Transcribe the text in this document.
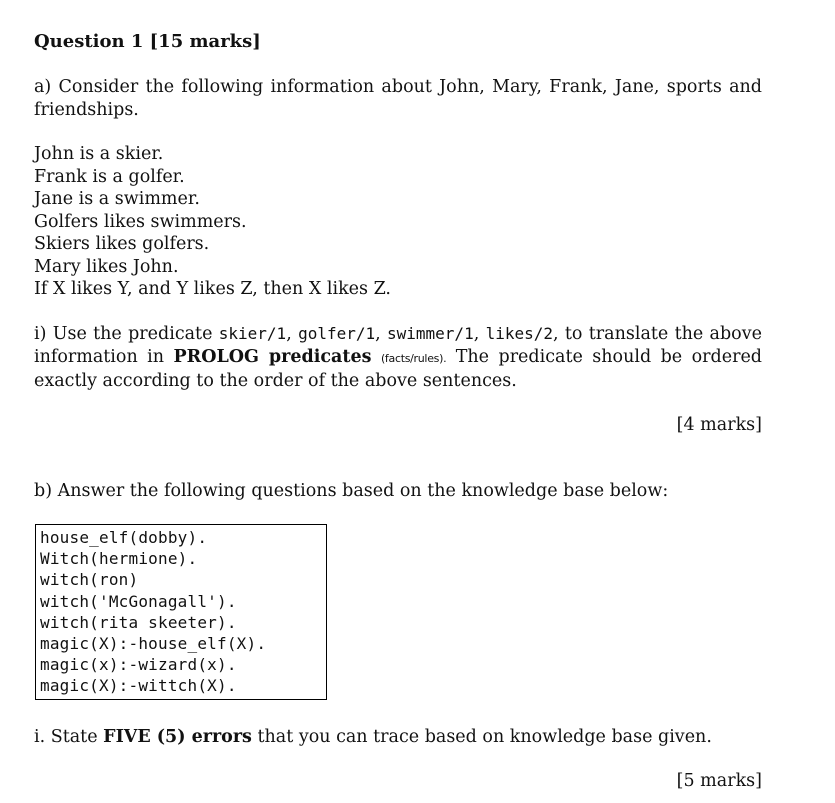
Question 1 [15 marks]
a) Consider the following information about John, Mary, Frank, Jane, sports and friendships.
John is a skier.
Frank is a golfer.
Jane is a swimmer.
Golfers likes swimmers.
Skiers likes golfers.
Mary likes John.
If X likes Y, and Y likes Z, then X likes Z.
i) Use the predicate skier/1, golfer/1, swimmer/1, likes/2, to translate the above information in PROLOG predicates (facts/rules). The predicate should be ordered exactly according to the order of the above sentences.
[4 marks]
b) Answer the following questions based on the knowledge base below:
house_elf(dobby).
Witch(hermione).
witch(ron)
witch('McGonagall').
witch(rita skeeter).
magic(X):-house_elf(X).
magic(x):-wizard(x).
magic(X):-wittch(X).
i. State FIVE (5) errors that you can trace based on knowledge base given.
[5 marks]
